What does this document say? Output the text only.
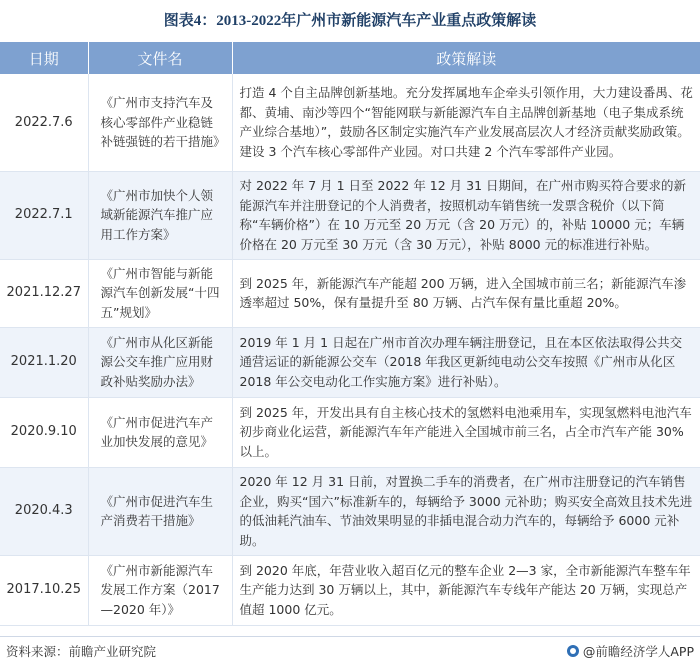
图表4：2013-2022年广州市新能源汽车产业重点政策解读
日期	文件名	政策解读
2022.7.6	《广州市支持汽车及核心零部件产业稳链补链强链的若干措施》	打造 4 个自主品牌创新基地。充分发挥属地车企牵头引领作用，大力建设番禺、花都、黄埔、南沙等四个“智能网联与新能源汽车自主品牌创新基地（电子集成系统产业综合基地）”，鼓励各区制定实施汽车产业发展高层次人才经济贡献奖励政策。建设 3 个汽车核心零部件产业园。对口共建 2 个汽车零部件产业园。
2022.7.1	《广州市加快个人领域新能源汽车推广应用工作方案》	对 2022 年 7 月 1 日至 2022 年 12 月 31 日期间，在广州市购买符合要求的新能源汽车并注册登记的个人消费者，按照机动车销售统一发票含税价（以下简称“车辆价格”）在 10 万元至 20 万元（含 20 万元）的，补贴 10000 元；车辆价格在 20 万元至 30 万元（含 30 万元），补贴 8000 元的标准进行补贴。
2021.12.27	《广州市智能与新能源汽车创新发展“十四五”规划》	到 2025 年，新能源汽车产能超 200 万辆，进入全国城市前三名；新能源汽车渗透率超过 50%，保有量提升至 80 万辆、占汽车保有量比重超 20%。
2021.1.20	《广州市从化区新能源公交车推广应用财政补贴奖励办法》	2019 年 1 月 1 日起在广州市首次办理车辆注册登记，且在本区依法取得公共交通营运证的新能源公交车（2018 年我区更新纯电动公交车按照《广州市从化区 2018 年公交电动化工作实施方案》进行补贴）。
2020.9.10	《广州市促进汽车产业加快发展的意见》	到 2025 年，开发出具有自主核心技术的氢燃料电池乘用车，实现氢燃料电池汽车初步商业化运营，新能源汽车年产能进入全国城市前三名，占全市汽车产能 30%以上。
2020.4.3	《广州市促进汽车生产消费若干措施》	2020 年 12 月 31 日前，对置换二手车的消费者，在广州市注册登记的汽车销售企业，购买“国六”标准新车的，每辆给予 3000 元补助；购买安全高效且技术先进的低油耗汽油车、节油效果明显的非插电混合动力汽车的，每辆给予 6000 元补助。
2017.10.25	《广州市新能源汽车发展工作方案（2017—2020 年）》	到 2020 年底，年营业收入超百亿元的整车企业 2—3 家，全市新能源汽车整车年生产能力达到 30 万辆以上，其中，新能源汽车专线年产能达 20 万辆，实现总产值超 1000 亿元。
资料来源：前瞻产业研究院	@前瞻经济学人APP
